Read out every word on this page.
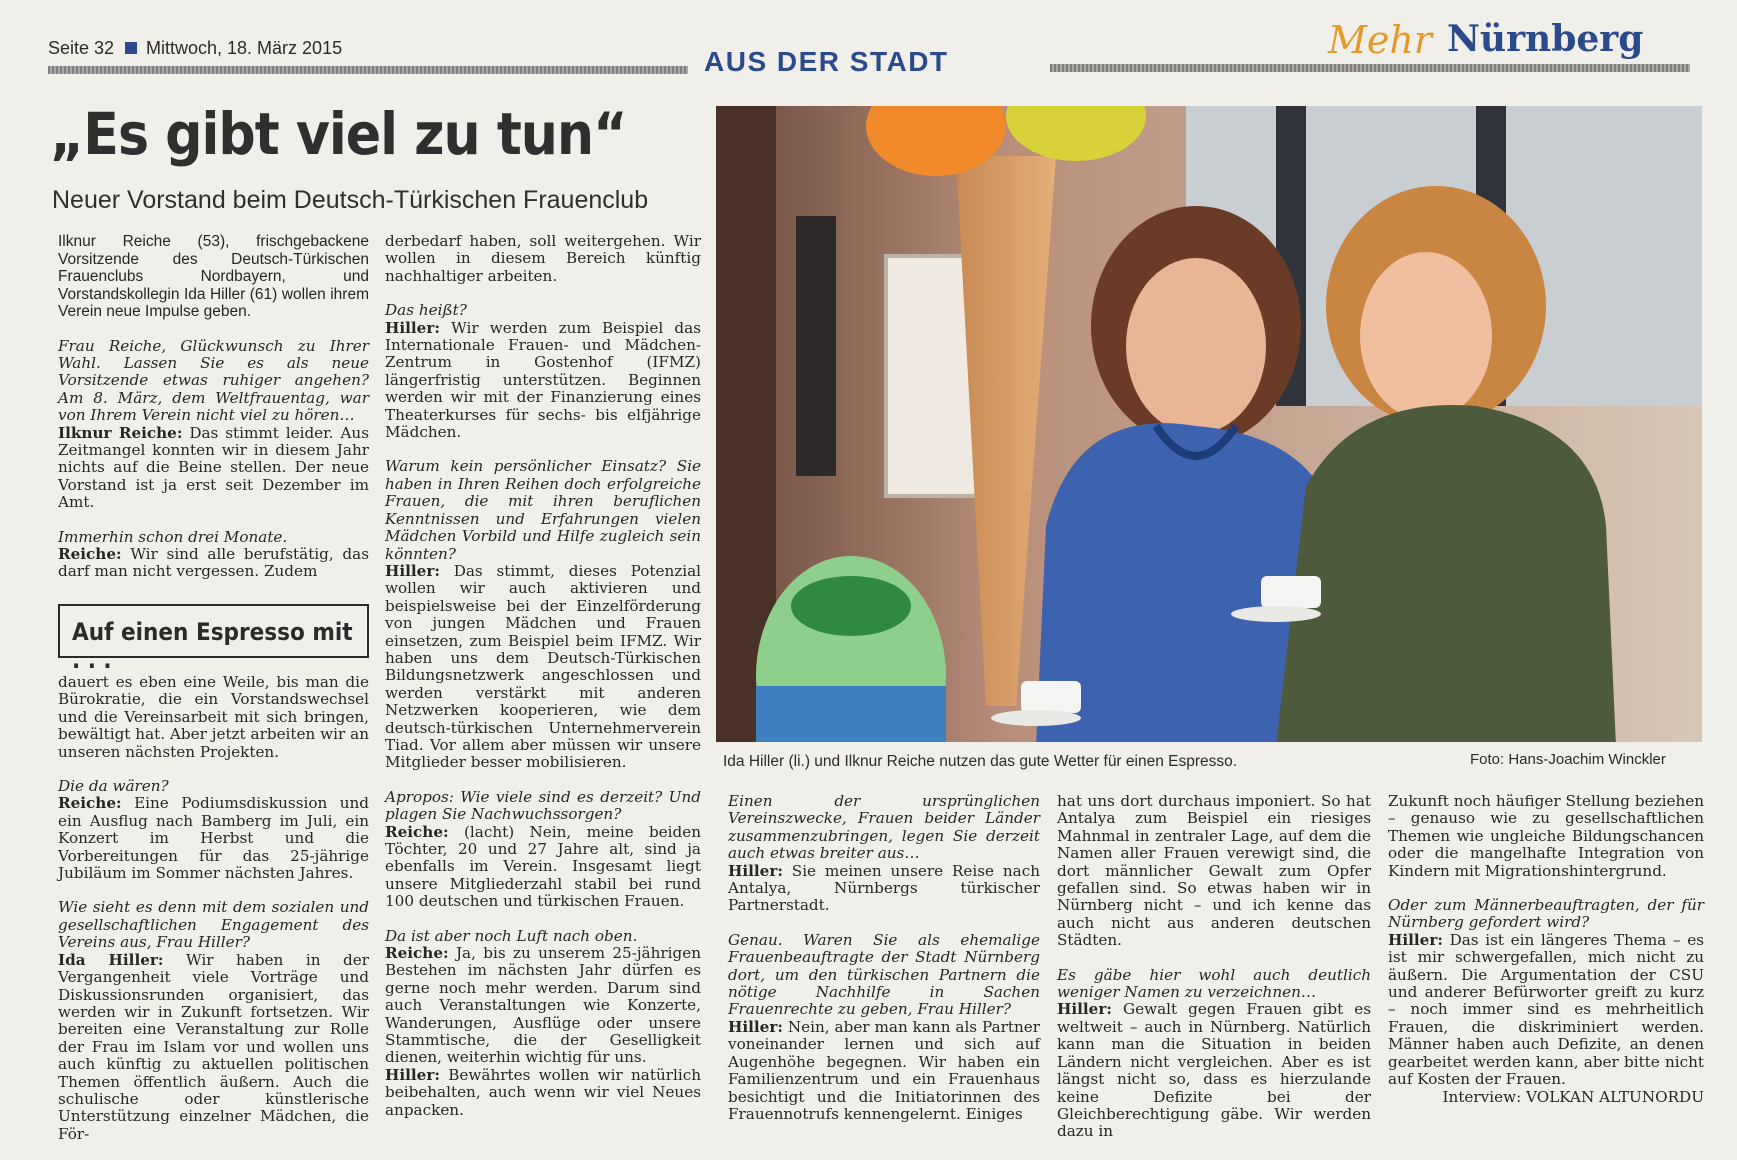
Seite 32 Mittwoch, 18. März 2015	AUS DER STADT	Mehr Nürnberg
„Es gibt viel zu tun“
Neuer Vorstand beim Deutsch-Türkischen Frauenclub

Ilknur Reiche (53), frischgebackene Vorsitzende des Deutsch-Türkischen Frauenclubs Nordbayern, und Vorstandskollegin Ida Hiller (61) wollen ihrem Verein neue Impulse geben.

Frau Reiche, Glückwunsch zu Ihrer Wahl. Lassen Sie es als neue Vorsitzende etwas ruhiger angehen? Am 8. März, dem Weltfrauentag, war von Ihrem Verein nicht viel zu hören…
Ilknur Reiche: Das stimmt leider. Aus Zeitmangel konnten wir in diesem Jahr nichts auf die Beine stellen. Der neue Vorstand ist ja erst seit Dezember im Amt.

Immerhin schon drei Monate.
Reiche: Wir sind alle berufstätig, das darf man nicht vergessen. Zudem

Auf einen Espresso mit . . .

dauert es eben eine Weile, bis man die Bürokratie, die ein Vorstandswechsel und die Vereinsarbeit mit sich bringen, bewältigt hat. Aber jetzt arbeiten wir an unseren nächsten Projekten.

Die da wären?
Reiche: Eine Podiumsdiskussion und ein Ausflug nach Bamberg im Juli, ein Konzert im Herbst und die Vorbereitungen für das 25-jährige Jubiläum im Sommer nächsten Jahres.

Wie sieht es denn mit dem sozialen und gesellschaftlichen Engagement des Vereins aus, Frau Hiller?
Ida Hiller: Wir haben in der Vergangenheit viele Vorträge und Diskussionsrunden organisiert, das werden wir in Zukunft fortsetzen. Wir bereiten eine Veranstaltung zur Rolle der Frau im Islam vor und wollen uns auch künftig zu aktuellen politischen Themen öffentlich äußern. Auch die schulische oder künstlerische Unterstützung einzelner Mädchen, die För-

derbedarf haben, soll weitergehen. Wir wollen in diesem Bereich künftig nachhaltiger arbeiten.

Das heißt?
Hiller: Wir werden zum Beispiel das Internationale Frauen- und Mädchen-Zentrum in Gostenhof (IFMZ) längerfristig unterstützen. Beginnen werden wir mit der Finanzierung eines Theaterkurses für sechs- bis elfjährige Mädchen.

Warum kein persönlicher Einsatz? Sie haben in Ihren Reihen doch erfolgreiche Frauen, die mit ihren beruflichen Kenntnissen und Erfahrungen vielen Mädchen Vorbild und Hilfe zugleich sein könnten?
Hiller: Das stimmt, dieses Potenzial wollen wir auch aktivieren und beispielsweise bei der Einzelförderung von jungen Mädchen und Frauen einsetzen, zum Beispiel beim IFMZ. Wir haben uns dem Deutsch-Türkischen Bildungsnetzwerk angeschlossen und werden verstärkt mit anderen Netzwerken kooperieren, wie dem deutsch-türkischen Unternehmerverein Tiad. Vor allem aber müssen wir unsere Mitglieder besser mobilisieren.

Apropos: Wie viele sind es derzeit? Und plagen Sie Nachwuchssorgen?
Reiche: (lacht) Nein, meine beiden Töchter, 20 und 27 Jahre alt, sind ja ebenfalls im Verein. Insgesamt liegt unsere Mitgliederzahl stabil bei rund 100 deutschen und türkischen Frauen.

Da ist aber noch Luft nach oben.
Reiche: Ja, bis zu unserem 25-jährigen Bestehen im nächsten Jahr dürfen es gerne noch mehr werden. Darum sind auch Veranstaltungen wie Konzerte, Wanderungen, Ausflüge oder unsere Stammtische, die der Geselligkeit dienen, weiterhin wichtig für uns.
Hiller: Bewährtes wollen wir natürlich beibehalten, auch wenn wir viel Neues anpacken.

Ida Hiller (li.) und Ilknur Reiche nutzen das gute Wetter für einen Espresso.	Foto: Hans-Joachim Winckler

Einen der ursprünglichen Vereinszwecke, Frauen beider Länder zusammenzubringen, legen Sie derzeit auch etwas breiter aus…
Hiller: Sie meinen unsere Reise nach Antalya, Nürnbergs türkischer Partnerstadt.

Genau. Waren Sie als ehemalige Frauenbeauftragte der Stadt Nürnberg dort, um den türkischen Partnern die nötige Nachhilfe in Sachen Frauenrechte zu geben, Frau Hiller?
Hiller: Nein, aber man kann als Partner voneinander lernen und sich auf Augenhöhe begegnen. Wir haben ein Familienzentrum und ein Frauenhaus besichtigt und die Initiatorinnen des Frauennotrufs kennengelernt. Einiges

hat uns dort durchaus imponiert. So hat Antalya zum Beispiel ein riesiges Mahnmal in zentraler Lage, auf dem die Namen aller Frauen verewigt sind, die dort männlicher Gewalt zum Opfer gefallen sind. So etwas haben wir in Nürnberg nicht – und ich kenne das auch nicht aus anderen deutschen Städten.

Es gäbe hier wohl auch deutlich weniger Namen zu verzeichnen…
Hiller: Gewalt gegen Frauen gibt es weltweit – auch in Nürnberg. Natürlich kann man die Situation in beiden Ländern nicht vergleichen. Aber es ist längst nicht so, dass es hierzulande keine Defizite bei der Gleichberechtigung gäbe. Wir werden dazu in

Zukunft noch häufiger Stellung beziehen – genauso wie zu gesellschaftlichen Themen wie ungleiche Bildungschancen oder die mangelhafte Integration von Kindern mit Migrationshintergrund.

Oder zum Männerbeauftragten, der für Nürnberg gefordert wird?
Hiller: Das ist ein längeres Thema – es ist mir schwergefallen, mich nicht zu äußern. Die Argumentation der CSU und anderer Befürworter greift zu kurz – noch immer sind es mehrheitlich Frauen, die diskriminiert werden. Männer haben auch Defizite, an denen gearbeitet werden kann, aber bitte nicht auf Kosten der Frauen.

Interview: VOLKAN ALTUNORDU
